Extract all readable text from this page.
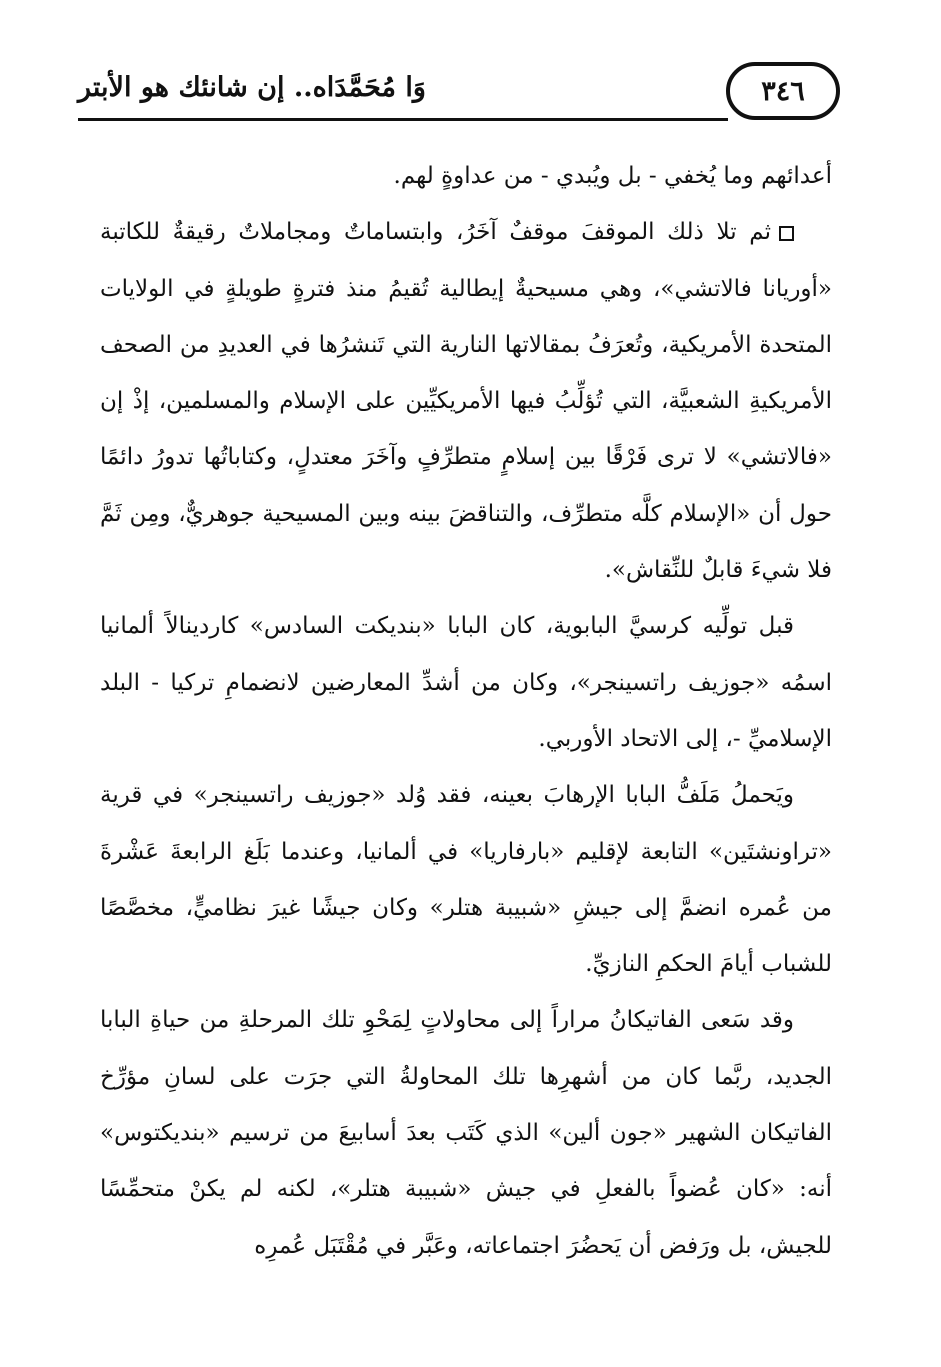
٣٤٦
وَا مُحَمَّدَاه.. إن شانئك هو الأبتر

أعدائهم وما يُخفي - بل ويُبدي - من عداوةٍ لهم.

ثم تلا ذلك الموقفَ موقفٌ آخَرُ، وابتساماتٌ ومجاملاتٌ رقيقةٌ للكاتبة «أوريانا فالاتشي»، وهي مسيحيةٌ إيطالية تُقيمُ منذ فترةٍ طويلةٍ في الولايات المتحدة الأمريكية، وتُعرَفُ بمقالاتها النارية التي تَنشرُها في العديدِ من الصحف الأمريكيةِ الشعبيَّة، التي تُؤلِّبُ فيها الأمريكيِّين على الإسلام والمسلمين، إذْ إن «فالاتشي» لا ترى فَرْقًا بين إسلامٍ متطرِّفٍ وآخَرَ معتدلٍ، وكتاباتُها تدورُ دائمًا حول أن «الإسلام كلَّه متطرِّف، والتناقضَ بينه وبين المسيحية جوهريٌّ، ومِن ثَمَّ فلا شيءَ قابلٌ للنِّقاش».

قبل تولِّيه كرسيَّ البابوية، كان البابا «بنديكت السادس» كاردينالاً ألمانيا اسمُه «جوزيف راتسينجر»، وكان من أشدِّ المعارضين لانضمامِ تركيا - البلد الإسلاميِّ -، إلى الاتحاد الأوربي.

ويَحملُ مَلَفُّ البابا الإرهابَ بعينه، فقد وُلد «جوزيف راتسينجر» في قرية «تراونشتَين» التابعة لإقليم «بارفاريا» في ألمانيا، وعندما بَلَغ الرابعةَ عَشْرةَ من عُمره انضمَّ إلى جيشِ «شبيبة هتلر» وكان جيشًا غيرَ نظاميٍّ، مخصَّصًا للشباب أيامَ الحكمِ النازيِّ.

وقد سَعى الفاتيكانُ مراراً إلى محاولاتٍ لِمَحْوِ تلك المرحلةِ من حياةِ البابا الجديد، ربَّما كان من أشهرِها تلك المحاولةُ التي جرَت على لسانِ مؤرِّخ الفاتيكان الشهير «جون ألين» الذي كَتَب بعدَ أسابيعَ من ترسيم «بنديكتوس» أنه: «كان عُضواً بالفعلِ في جيش «شبيبة هتلر»، لكنه لم يكنْ متحمِّسًا للجيش، بل ورَفض أن يَحضُرَ اجتماعاته، وعَبَّر في مُقْتَبَل عُمرِه
